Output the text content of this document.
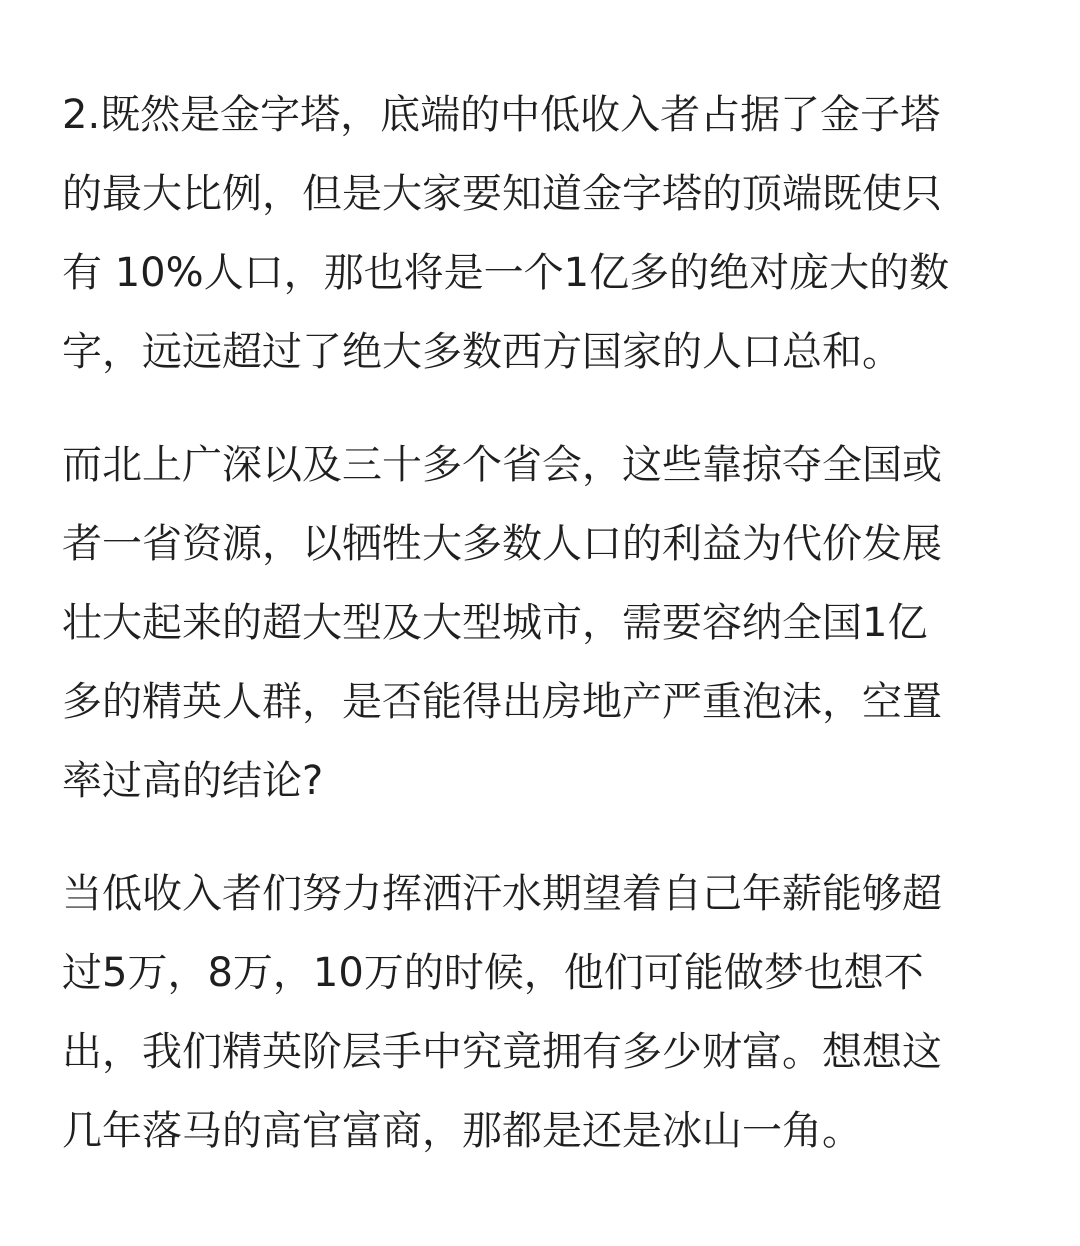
2.既然是金字塔，底端的中低收入者占据了金子塔
的最大比例，但是大家要知道金字塔的顶端既使只
有 10%人口，那也将是一个1亿多的绝对庞大的数
字，远远超过了绝大多数西方国家的人口总和。

而北上广深以及三十多个省会，这些靠掠夺全国或
者一省资源，以牺牲大多数人口的利益为代价发展
壮大起来的超大型及大型城市，需要容纳全国1亿
多的精英人群，是否能得出房地产严重泡沫，空置
率过高的结论?

当低收入者们努力挥洒汗水期望着自己年薪能够超
过5万，8万，10万的时候，他们可能做梦也想不
出，我们精英阶层手中究竟拥有多少财富。想想这
几年落马的高官富商，那都是还是冰山一角。
